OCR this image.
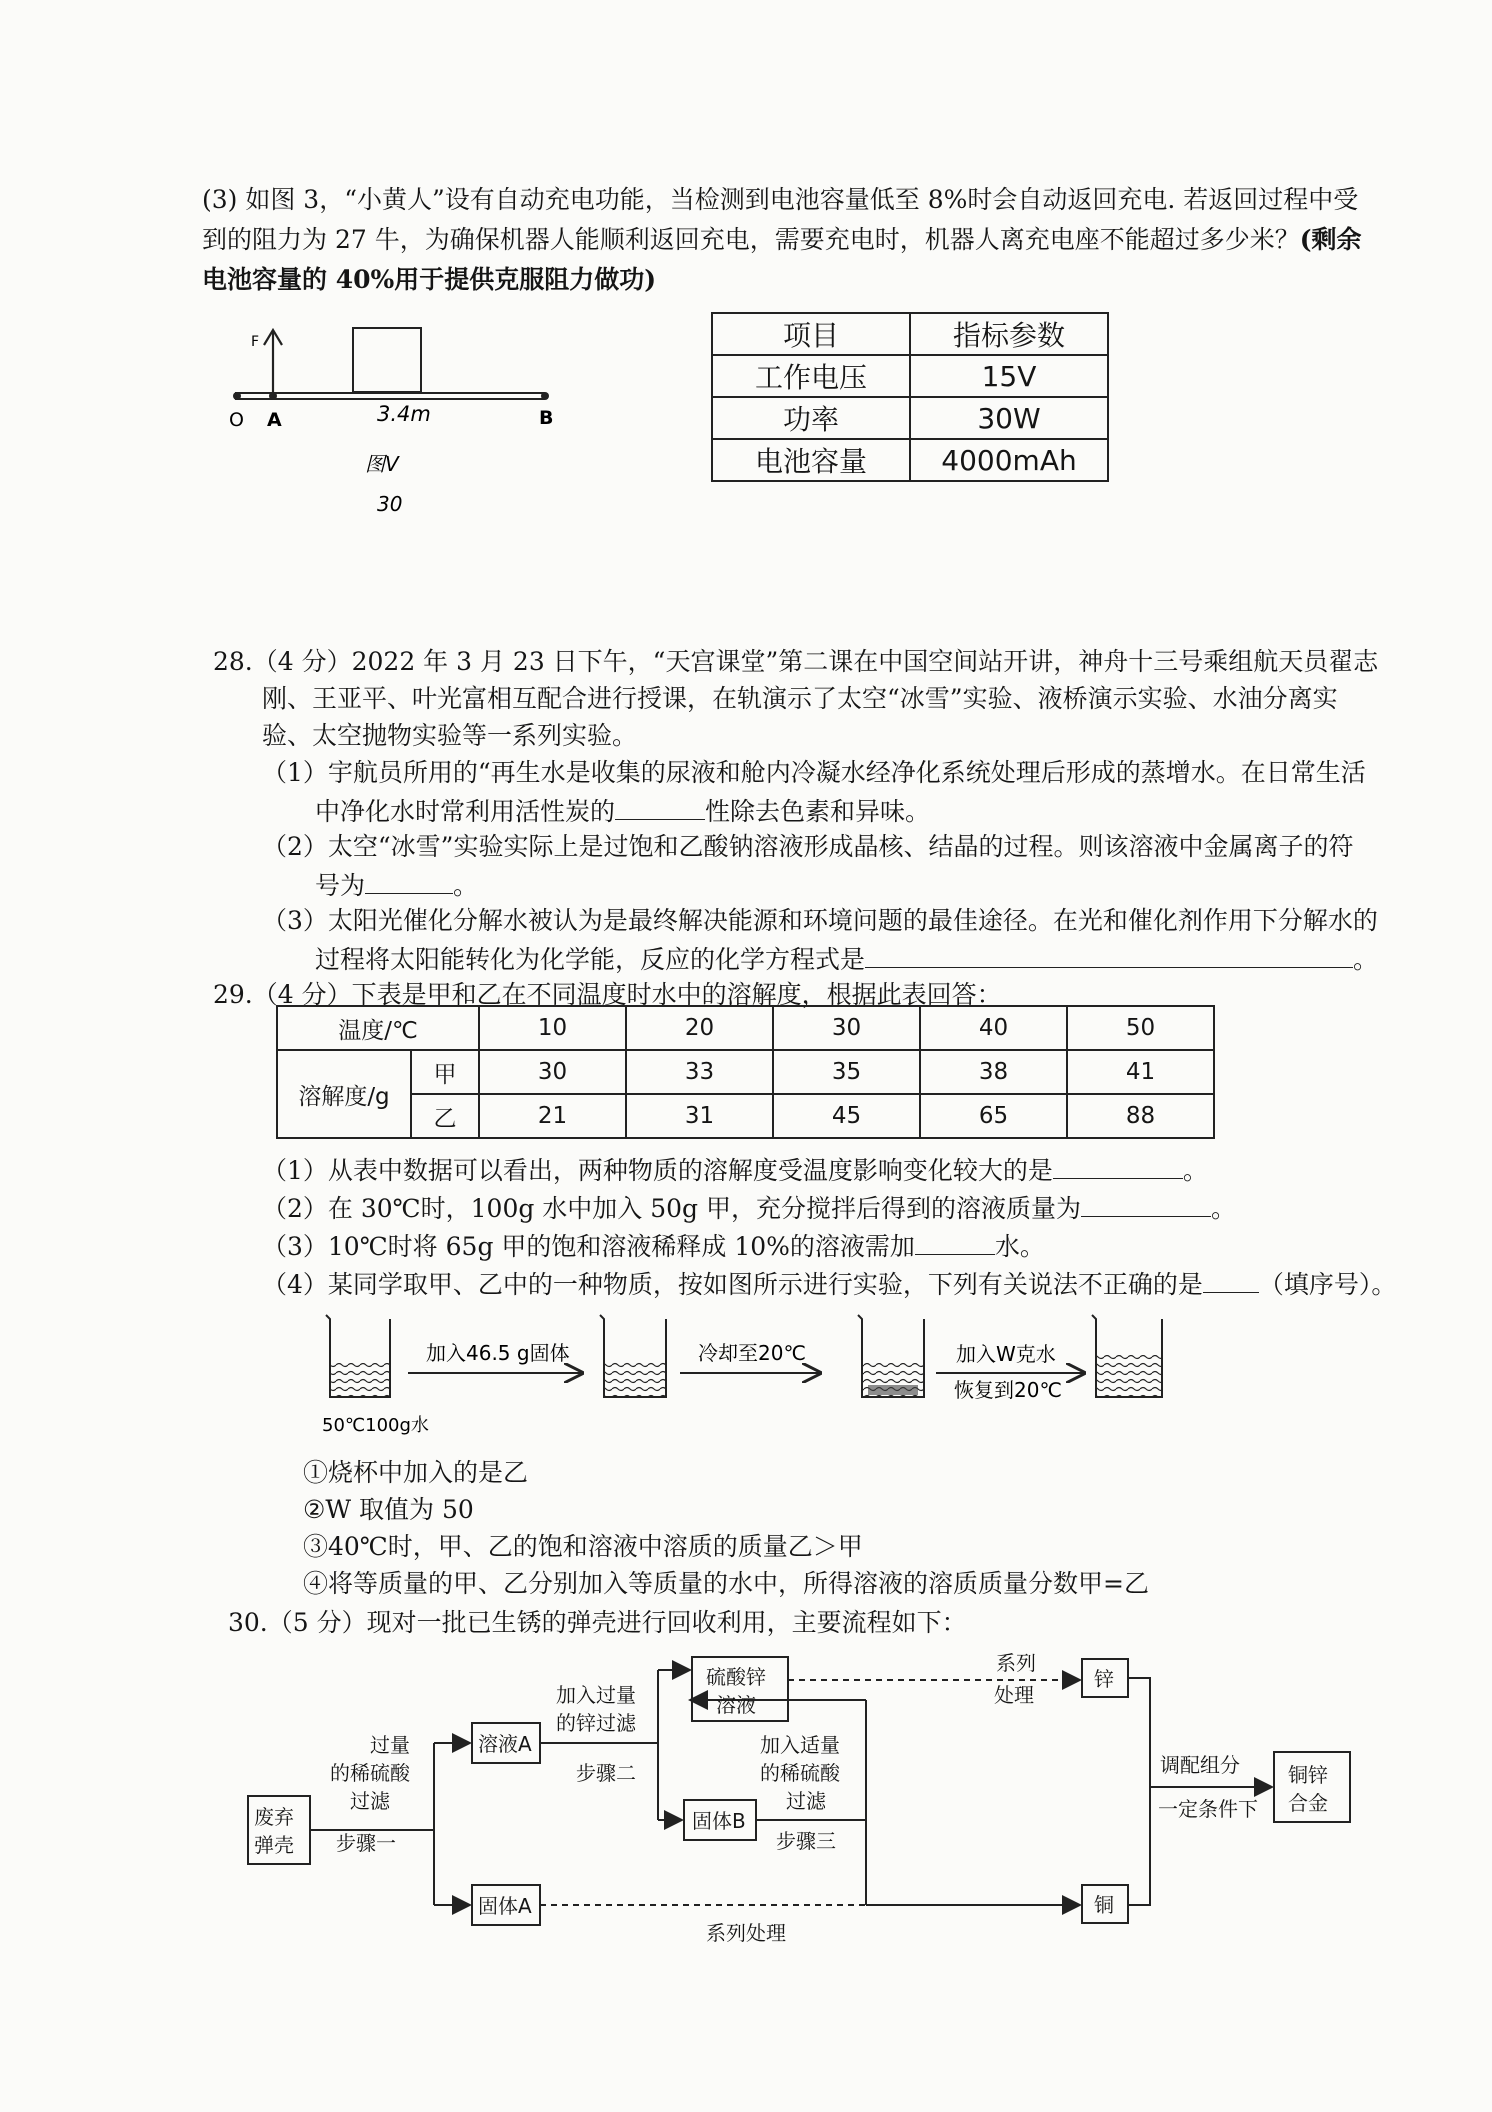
(3) 如图 3，“小黄人”设有自动充电功能，当检测到电池容量低至 8%时会自动返回充电. 若返回过程中受
到的阻力为 27 牛，为确保机器人能顺利返回充电，需要充电时，机器人离充电座不能超过多少米？(剩余
电池容量的 40%用于提供克服阻力做功)
O A	B
F
3.4m
图V
30
项目	指标参数
工作电压	15V
功率	30W
电池容量	4000mAh
28.（4 分）2022 年 3 月 23 日下午，“天宫课堂”第二课在中国空间站开讲，神舟十三号乘组航天员翟志
刚、王亚平、叶光富相互配合进行授课，在轨演示了太空“冰雪”实验、液桥演示实验、水油分离实
验、太空抛物实验等一系列实验。
（1）宇航员所用的“再生水是收集的尿液和舱内冷凝水经净化系统处理后形成的蒸增水。在日常生活
中净化水时常利用活性炭的	性除去色素和异味。
（2）太空“冰雪”实验实际上是过饱和乙酸钠溶液形成晶核、结晶的过程。则该溶液中金属离子的符
号为	。
（3）太阳光催化分解水被认为是最终解决能源和环境问题的最佳途径。在光和催化剂作用下分解水的
过程将太阳能转化为化学能，反应的化学方程式是	。
29.（4 分）下表是甲和乙在不同温度时水中的溶解度，根据此表回答：
温度/℃		10	20	30	40	50
溶解度/g	甲	30	33	35	38	41
	乙	21	31	45	65	88
（1）从表中数据可以看出，两种物质的溶解度受温度影响变化较大的是	。
（2）在 30℃时，100g 水中加入 50g 甲，充分搅拌后得到的溶液质量为	。
（3）10℃时将 65g 甲的饱和溶液稀释成 10%的溶液需加	水。
（4）某同学取甲、乙中的一种物质，按如图所示进行实验，下列有关说法不正确的是 （填序号）。
加入46.5 g固体	冷却至20℃	加入W克水
恢复到20℃
50℃100g水
①烧杯中加入的是乙
②W 取值为 50
③40℃时，甲、乙的饱和溶液中溶质的质量乙＞甲
④将等质量的甲、乙分别加入等质量的水中，所得溶液的溶质质量分数甲=乙
30.（5 分）现对一批已生锈的弹壳进行回收利用，主要流程如下：
废弃
弹壳
过量
的稀硫酸
过滤
步骤一
溶液A
固体A
加入过量
的锌过滤
步骤二
硫酸锌
溶液
系列
处理
锌
加入适量
的稀硫酸
过滤
步骤三
固体B
铜
调配组分
一定条件下
铜锌
合金
系列处理
